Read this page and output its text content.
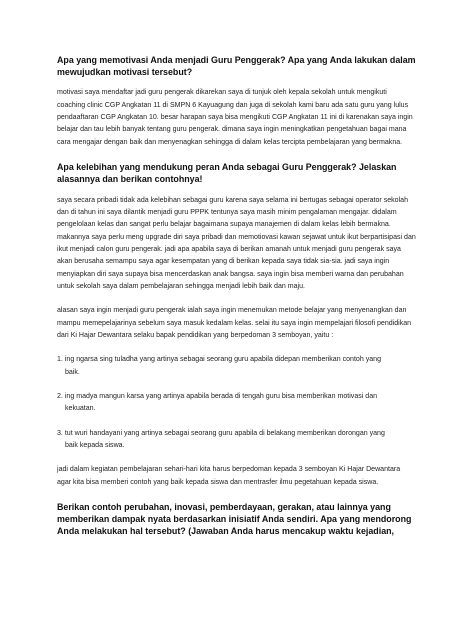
Apa yang memotivasi Anda menjadi Guru Penggerak? Apa yang Anda lakukan dalam mewujudkan motivasi tersebut?
motivasi saya mendaftar jadi guru pengerak dikarekan saya di tunjuk oleh kepala sekolah untuk mengikuti coaching clinic CGP Angkatan 11 di SMPN 6 Kayuagung dan juga di sekolah kami baru ada satu guru yang lulus pendaaftaran CGP Angkatan 10. besar harapan saya bisa mengikuti CGP Angkatan 11 ini di karenakan saya ingin belajar dan tau lebih banyak tentang guru pengerak. dimana saya ingin meningkatkan pengetahuan bagai mana cara mengajar dengan baik dan menyenagkan sehingga di dalam kelas tercipta pembelajaran yang bermakna.
Apa kelebihan yang mendukung peran Anda sebagai Guru Penggerak? Jelaskan alasannya dan berikan contohnya!
saya secara pribadi tidak ada kelebihan sebagai guru karena saya selama ini bertugas sebagai operator sekolah dan di tahun ini saya dilantik menjadi guru PPPK tentunya saya masih minim pengalaman mengajar. didalam pengelolaan kelas dan sangat perlu belajar bagaimana supaya manajemen di dalam kelas lebih bermakna. makannya saya perlu meng upgrade diri saya pribadi dan memotiovasi kawan sejawat untuk ikut berpartisipasi dan ikut menjadi calon guru pengerak. jadi apa apabila saya di berikan amanah untuk menjadi guru pengerak saya akan berusaha semampu saya agar kesempatan yang di berikan kepada saya tidak sia-sia. jadi saya ingin menyiapkan diri saya supaya bisa mencerdaskan anak bangsa. saya ingin bisa memberi warna dan perubahan untuk sekolah saya dalam pembelajaran sehingga menjadi lebih baik dan maju.
alasan saya ingin menjadi guru pengerak ialah saya ingin menemukan metode belajar yang menyenangkan dan mampu memepelajarinya sebelum saya masuk kedalam kelas. selai itu saya ingin mempelajari filosofi pendidikan dari Ki Hajar Dewantara selaku bapak pendidikan yang berpedoman 3 semboyan, yaitu :
1. ing ngarsa sing tuladha yang artinya sebagai seorang guru apabila didepan memberikan contoh yang
baik.
2. ing madya mangun karsa yang artinya apabila berada di tengah guru bisa memberikan motivasi dan
kekuatan.
3. tut wuri handayani yang artinya sebagai seorang guru apabila di belakang memberikan dorongan yang
baik kepada siswa.
jadi dalam kegiatan pembelajaran sehari-hari kita harus berpedoman kepada 3 semboyan Ki Hajar Dewantara agar kita bisa memberi contoh yang baik kepada siswa dan mentrasfer ilmu pegetahuan kepada siswa.
Berikan contoh perubahan, inovasi, pemberdayaan, gerakan, atau lainnya yang memberikan dampak nyata berdasarkan inisiatif Anda sendiri. Apa yang mendorong Anda melakukan hal tersebut? (Jawaban Anda harus mencakup waktu kejadian,
